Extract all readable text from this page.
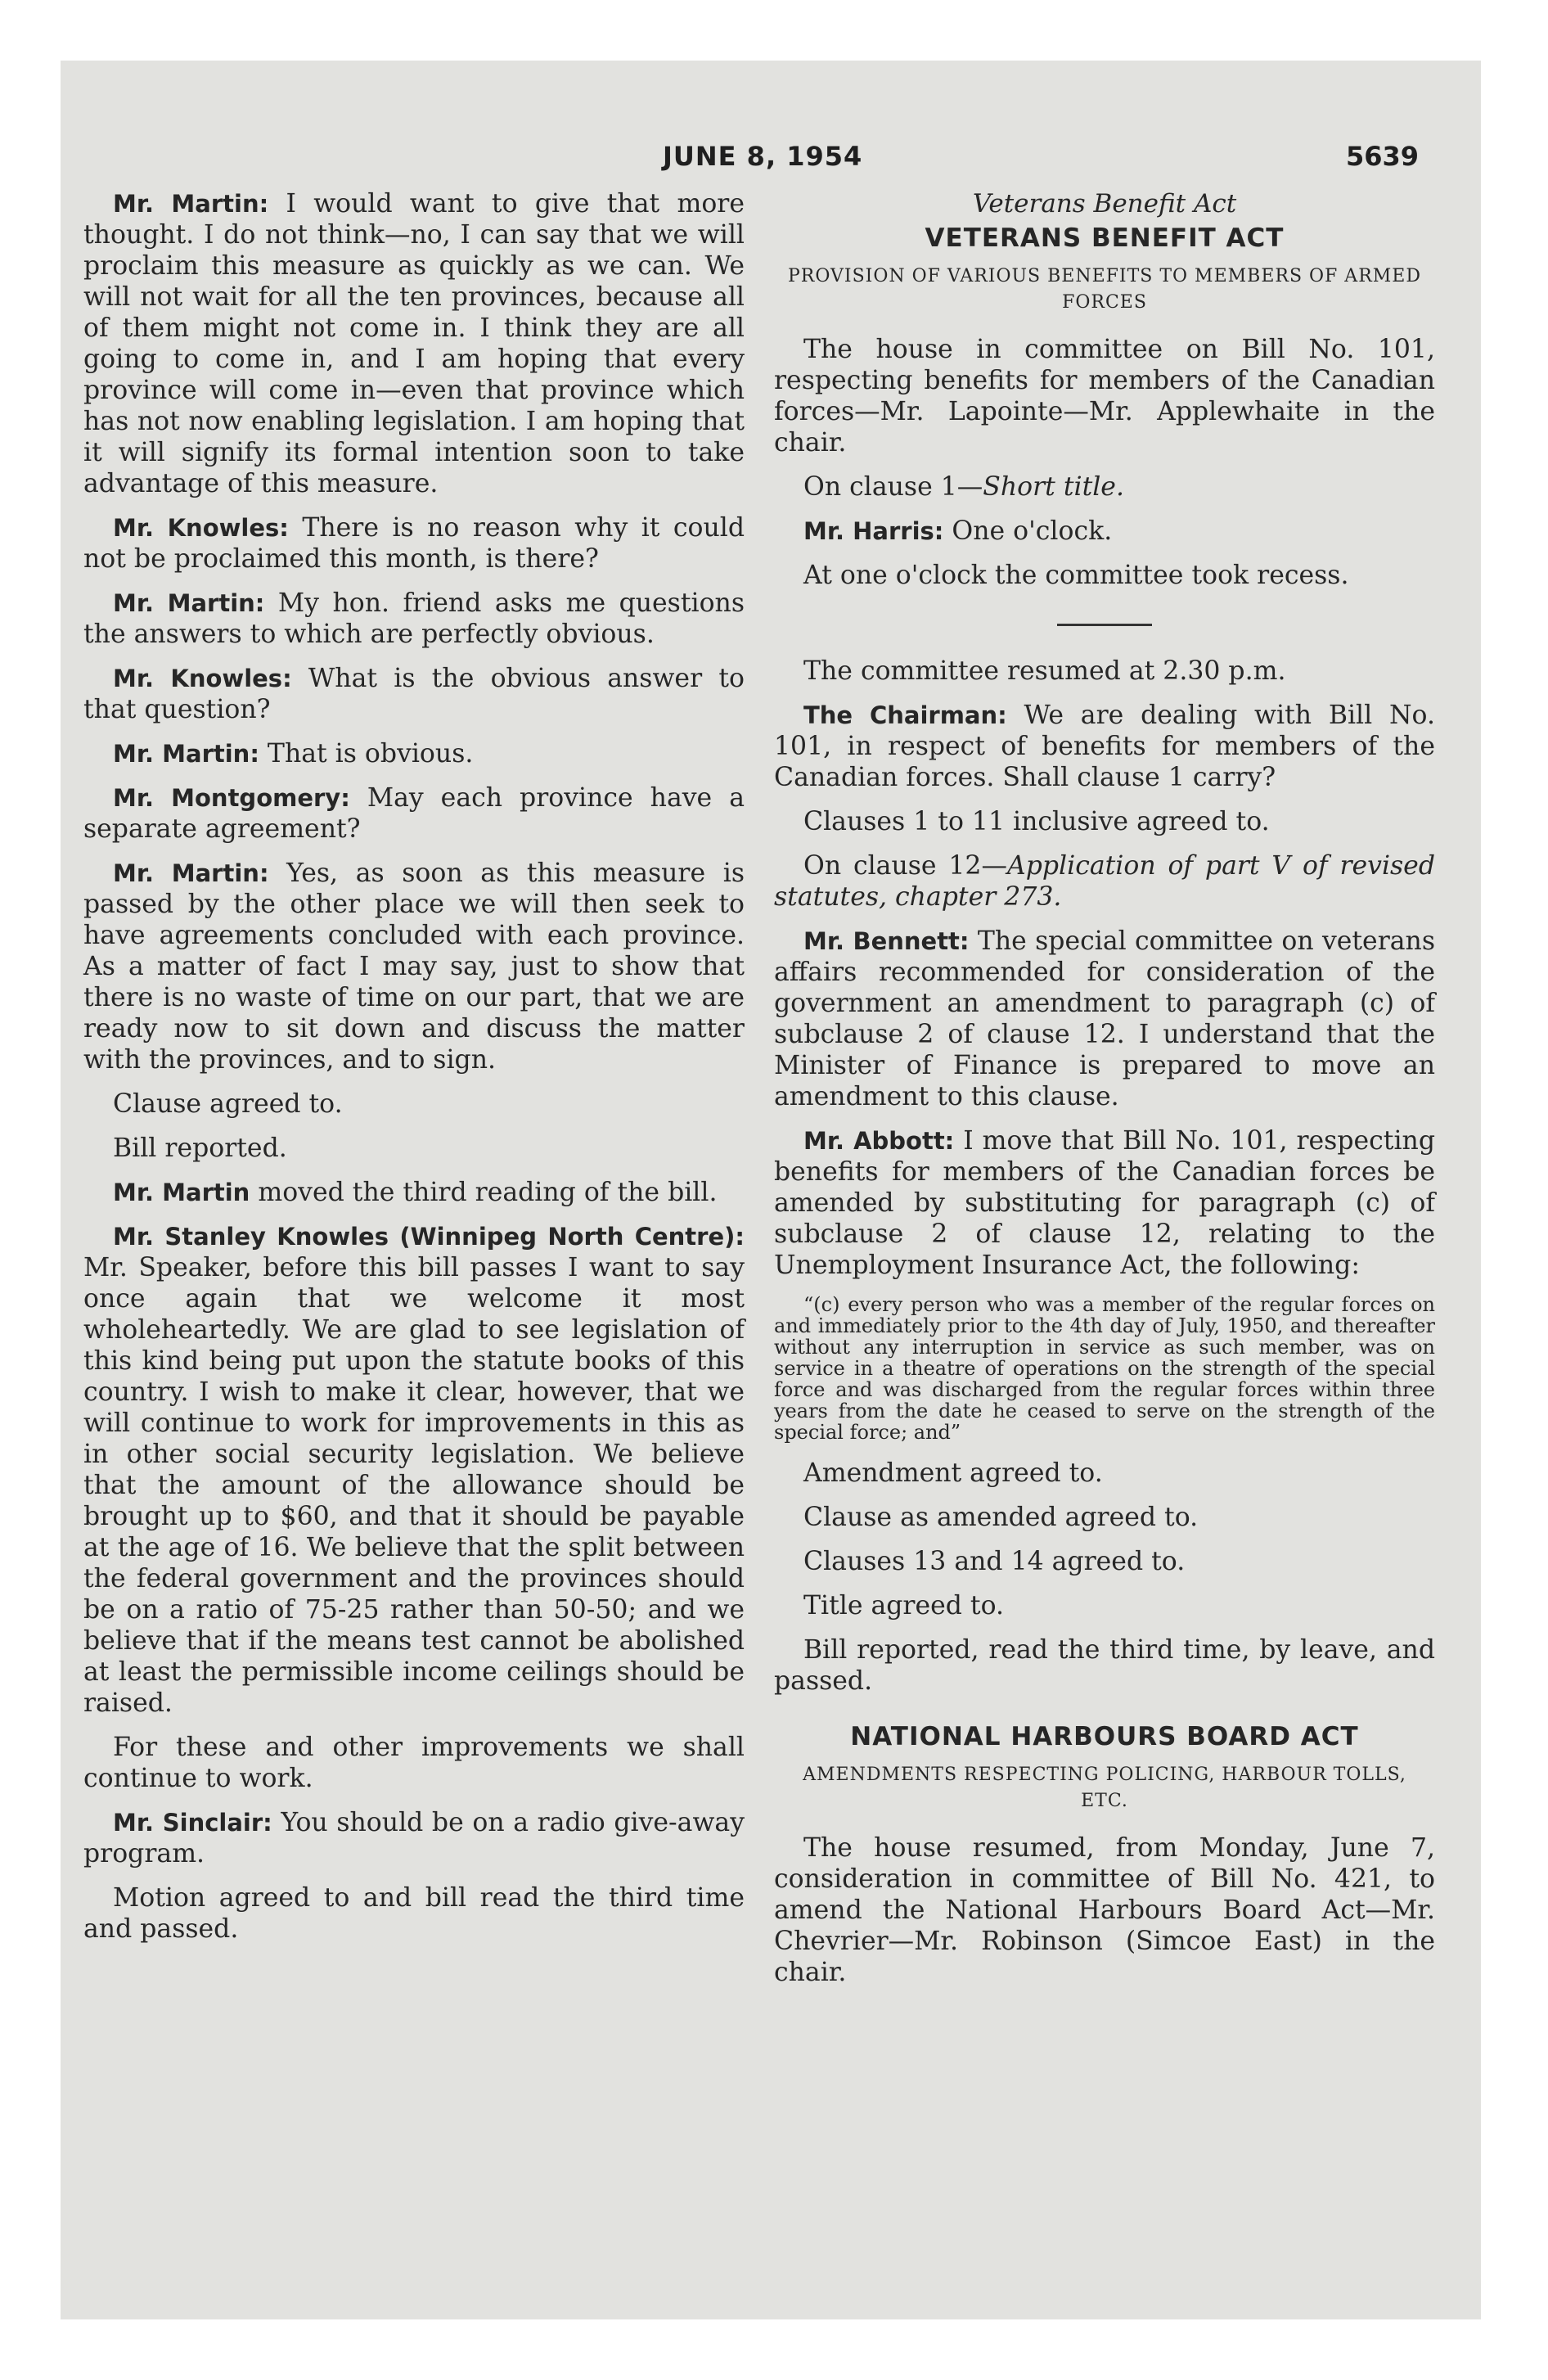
JUNE 8, 1954	5639

Mr. Martin: I would want to give that more thought. I do not think—no, I can say that we will proclaim this measure as quickly as we can. We will not wait for all the ten provinces, because all of them might not come in. I think they are all going to come in, and I am hoping that every province will come in—even that province which has not now enabling legislation. I am hoping that it will signify its formal intention soon to take advantage of this measure.

Mr. Knowles: There is no reason why it could not be proclaimed this month, is there?

Mr. Martin: My hon. friend asks me questions the answers to which are perfectly obvious.

Mr. Knowles: What is the obvious answer to that question?

Mr. Martin: That is obvious.

Mr. Montgomery: May each province have a separate agreement?

Mr. Martin: Yes, as soon as this measure is passed by the other place we will then seek to have agreements concluded with each province. As a matter of fact I may say, just to show that there is no waste of time on our part, that we are ready now to sit down and discuss the matter with the provinces, and to sign.

Clause agreed to.

Bill reported.

Mr. Martin moved the third reading of the bill.

Mr. Stanley Knowles (Winnipeg North Centre): Mr. Speaker, before this bill passes I want to say once again that we welcome it most wholeheartedly. We are glad to see legislation of this kind being put upon the statute books of this country. I wish to make it clear, however, that we will continue to work for improvements in this as in other social security legislation. We believe that the amount of the allowance should be brought up to $60, and that it should be payable at the age of 16. We believe that the split between the federal government and the provinces should be on a ratio of 75-25 rather than 50-50; and we believe that if the means test cannot be abolished at least the permissible income ceilings should be raised.

For these and other improvements we shall continue to work.

Mr. Sinclair: You should be on a radio give-away program.

Motion agreed to and bill read the third time and passed.

Veterans Benefit Act
VETERANS BENEFIT ACT
PROVISION OF VARIOUS BENEFITS TO MEMBERS OF ARMED FORCES

The house in committee on Bill No. 101, respecting benefits for members of the Canadian forces—Mr. Lapointe—Mr. Applewhaite in the chair.

On clause 1—Short title.

Mr. Harris: One o'clock.

At one o'clock the committee took recess.

The committee resumed at 2.30 p.m.

The Chairman: We are dealing with Bill No. 101, in respect of benefits for members of the Canadian forces. Shall clause 1 carry?

Clauses 1 to 11 inclusive agreed to.

On clause 12—Application of part V of revised statutes, chapter 273.

Mr. Bennett: The special committee on veterans affairs recommended for consideration of the government an amendment to paragraph (c) of subclause 2 of clause 12. I understand that the Minister of Finance is prepared to move an amendment to this clause.

Mr. Abbott: I move that Bill No. 101, respecting benefits for members of the Canadian forces be amended by substituting for paragraph (c) of subclause 2 of clause 12, relating to the Unemployment Insurance Act, the following:

“(c) every person who was a member of the regular forces on and immediately prior to the 4th day of July, 1950, and thereafter without any interruption in service as such member, was on service in a theatre of operations on the strength of the special force and was discharged from the regular forces within three years from the date he ceased to serve on the strength of the special force; and”

Amendment agreed to.

Clause as amended agreed to.

Clauses 13 and 14 agreed to.

Title agreed to.

Bill reported, read the third time, by leave, and passed.

NATIONAL HARBOURS BOARD ACT
AMENDMENTS RESPECTING POLICING, HARBOUR TOLLS, ETC.

The house resumed, from Monday, June 7, consideration in committee of Bill No. 421, to amend the National Harbours Board Act—Mr. Chevrier—Mr. Robinson (Simcoe East) in the chair.
